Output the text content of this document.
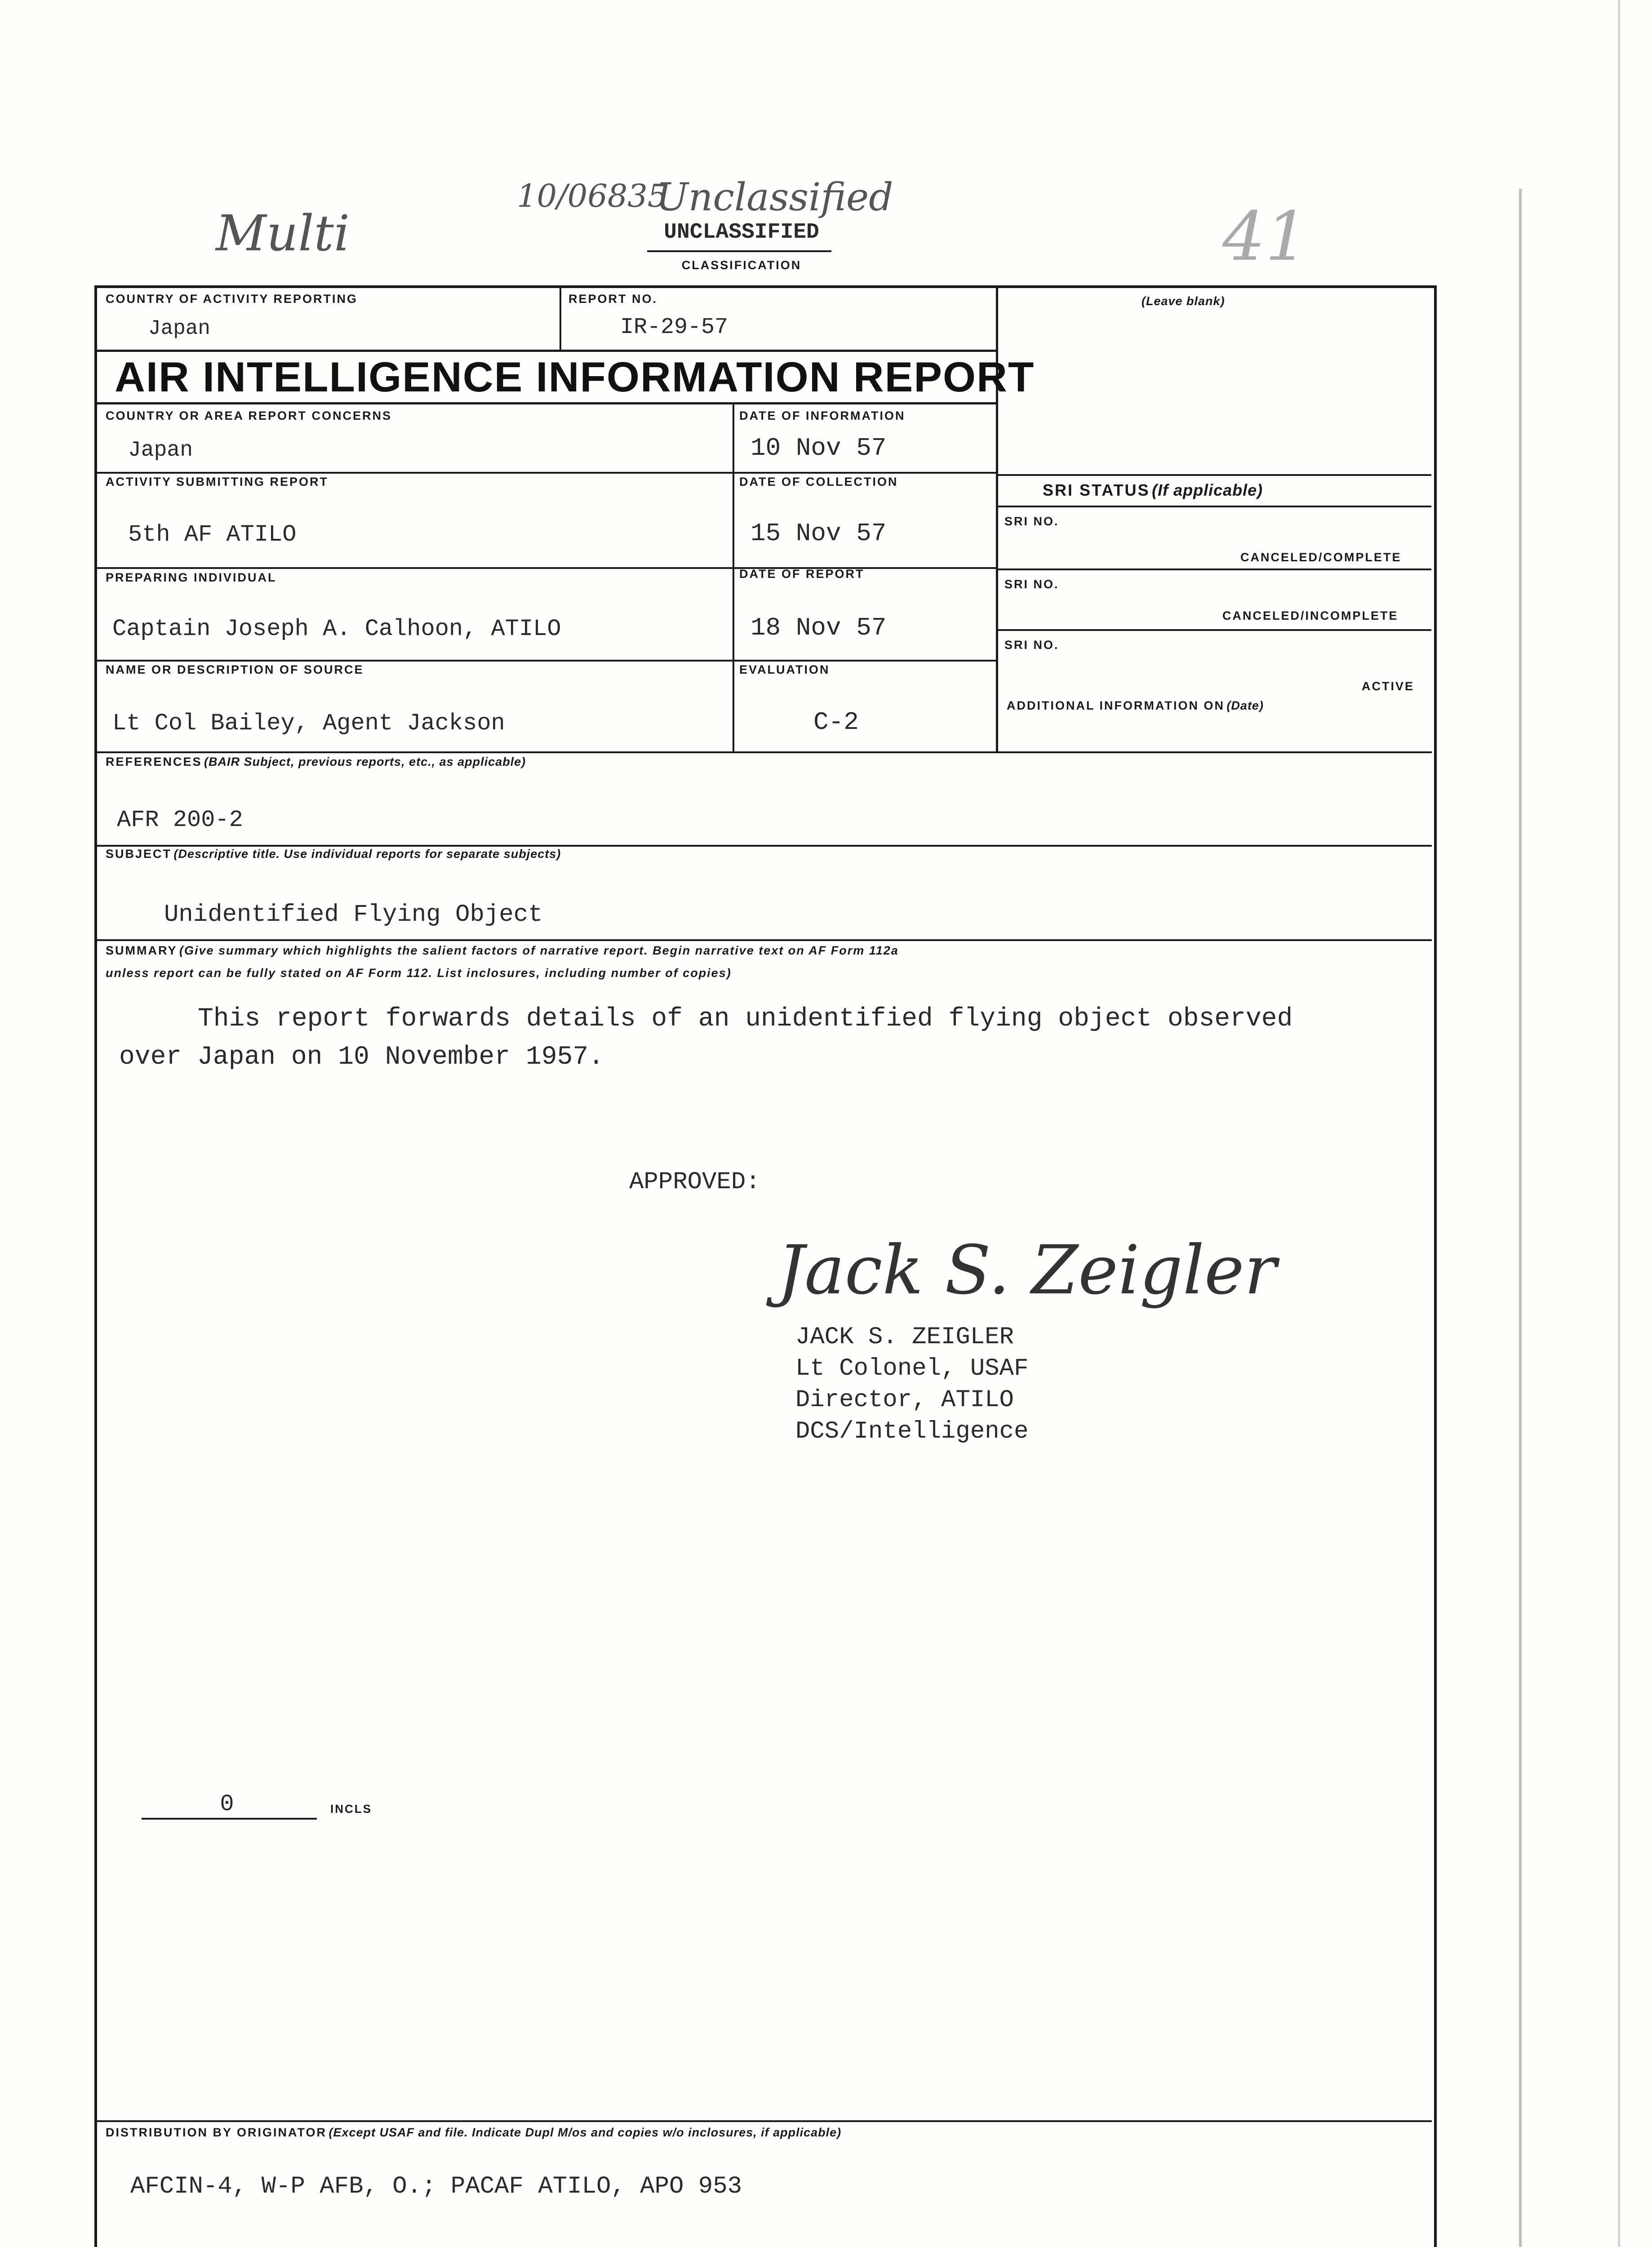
Multi
10/06835
Unclassified
41
UNCLASSIFIED
CLASSIFICATION
COUNTRY OF ACTIVITY REPORTING
Japan
REPORT NO.
IR-29-57
(Leave blank)
AIR INTELLIGENCE INFORMATION REPORT
COUNTRY OR AREA REPORT CONCERNS
Japan
DATE OF INFORMATION
10 Nov 57
ACTIVITY SUBMITTING REPORT
5th AF ATILO
DATE OF COLLECTION
15 Nov 57
PREPARING INDIVIDUAL
Captain Joseph A. Calhoon, ATILO
DATE OF REPORT
18 Nov 57
NAME OR DESCRIPTION OF SOURCE
Lt Col Bailey, Agent Jackson
EVALUATION
C-2
SRI STATUS (If applicable)
SRI NO.
CANCELED/COMPLETE
SRI NO.
CANCELED/INCOMPLETE
SRI NO.
ACTIVE
ADDITIONAL INFORMATION ON (Date)
REFERENCES (BAIR Subject, previous reports, etc., as applicable)
AFR 200-2
SUBJECT (Descriptive title. Use individual reports for separate subjects)
Unidentified Flying Object
SUMMARY (Give summary which highlights the salient factors of narrative report. Begin narrative text on AF Form 112a
unless report can be fully stated on AF Form 112. List inclosures, including number of copies)
This report forwards details of an unidentified flying object observed
over Japan on 10 November 1957.
APPROVED:
Jack S. Zeigler
JACK S. ZEIGLER
Lt Colonel, USAF
Director, ATILO
DCS/Intelligence
0	INCLS
DISTRIBUTION BY ORIGINATOR (Except USAF and file. Indicate Dupl M/os and copies w/o inclosures, if applicable)
AFCIN-4, W-P AFB, O.; PACAF ATILO, APO 953
